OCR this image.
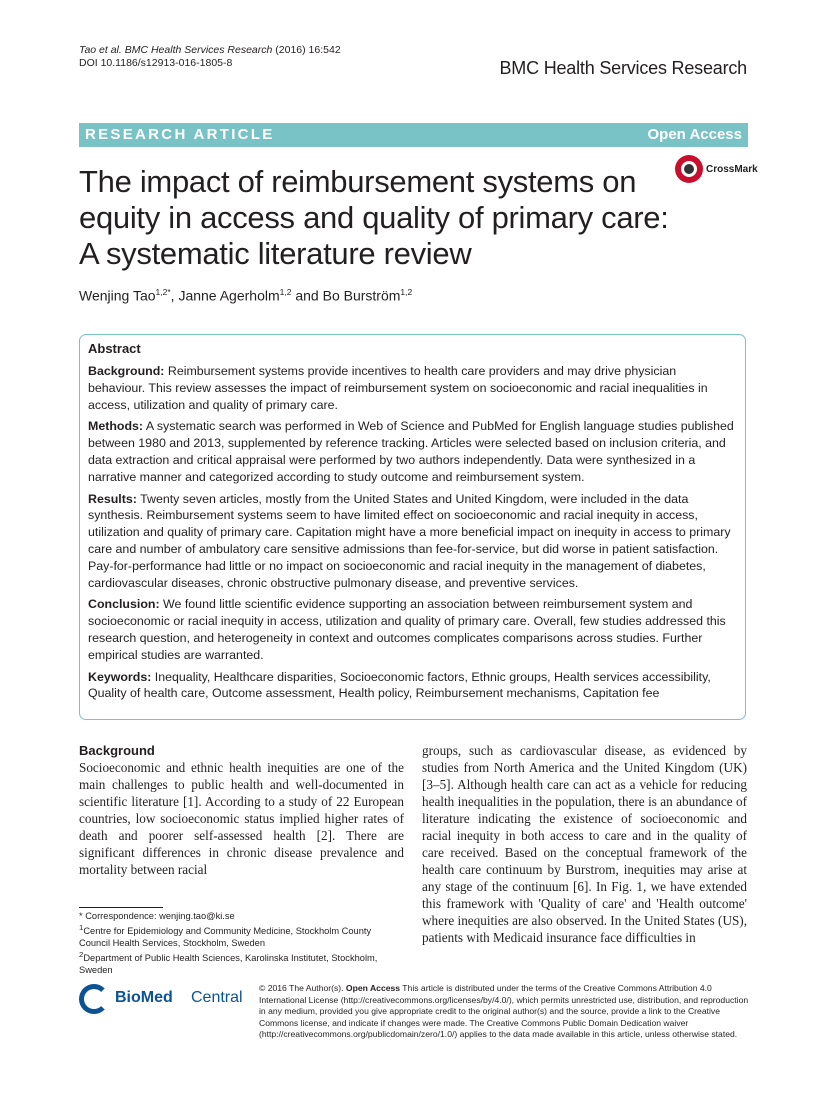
Tao et al. BMC Health Services Research (2016) 16:542
DOI 10.1186/s12913-016-1805-8	BMC Health Services Research
RESEARCH ARTICLE	Open Access
The impact of reimbursement systems on equity in access and quality of primary care: A systematic literature review
CrossMark
Wenjing Tao$^{1,2*}$, Janne Agerholm$^{1,2}$ and Bo Burström$^{1,2}$
Abstract

Background: Reimbursement systems provide incentives to health care providers and may drive physician behaviour. This review assesses the impact of reimbursement system on socioeconomic and racial inequalities in access, utilization and quality of primary care.

Methods: A systematic search was performed in Web of Science and PubMed for English language studies published between 1980 and 2013, supplemented by reference tracking. Articles were selected based on inclusion criteria, and data extraction and critical appraisal were performed by two authors independently. Data were synthesized in a narrative manner and categorized according to study outcome and reimbursement system.

Results: Twenty seven articles, mostly from the United States and United Kingdom, were included in the data synthesis. Reimbursement systems seem to have limited effect on socioeconomic and racial inequity in access, utilization and quality of primary care. Capitation might have a more beneficial impact on inequity in access to primary care and number of ambulatory care sensitive admissions than fee-for-service, but did worse in patient satisfaction.

Pay-for-performance had little or no impact on socioeconomic and racial inequity in the management of diabetes, cardiovascular diseases, chronic obstructive pulmonary disease, and preventive services.

Conclusion: We found little scientific evidence supporting an association between reimbursement system and socioeconomic or racial inequity in access, utilization and quality of primary care. Overall, few studies addressed this research question, and heterogeneity in context and outcomes complicates comparisons across studies. Further empirical studies are warranted.

Keywords: Inequality, Healthcare disparities, Socioeconomic factors, Ethnic groups, Health services accessibility, Quality of health care, Outcome assessment, Health policy, Reimbursement mechanisms, Capitation fee

Background

Socioeconomic and ethnic health inequities are one of the main challenges to public health and well-documented in scientific literature [1]. According to a study of 22 European countries, low socioeconomic status implied higher rates of death and poorer self-assessed health [2]. There are significant differences in chronic disease prevalence and mortality between racial

groups, such as cardiovascular disease, as evidenced by studies from North America and the United Kingdom (UK) [3–5]. Although health care can act as a vehicle for reducing health inequalities in the population, there is an abundance of literature indicating the existence of socioeconomic and racial inequity in both access to care and in the quality of care received. Based on the conceptual framework of the health care continuum by Burstrom, inequities may arise at any stage of the continuum [6]. In Fig. 1, we have extended this framework with 'Quality of care' and 'Health outcome' where inequities are also observed. In the United States (US), patients with Medicaid insurance face difficulties in

* Correspondence: wenjing.tao@ki.se

$^1$Centre for Epidemiology and Community Medicine, Stockholm County Council Health Services, Stockholm, Sweden

$^2$Department of Public Health Sciences, Karolinska Institutet, Stockholm, Sweden

BioMed Central
© 2016 The Author(s). Open Access This article is distributed under the terms of the Creative Commons Attribution 4.0 International License (http://creativecommons.org/licenses/by/4.0/), which permits unrestricted use, distribution, and reproduction in any medium, provided you give appropriate credit to the original author(s) and the source, provide a link to the Creative Commons license, and indicate if changes were made. The Creative Commons Public Domain Dedication waiver (http://creativecommons.org/publicdomain/zero/1.0/) applies to the data made available in this article, unless otherwise stated.
